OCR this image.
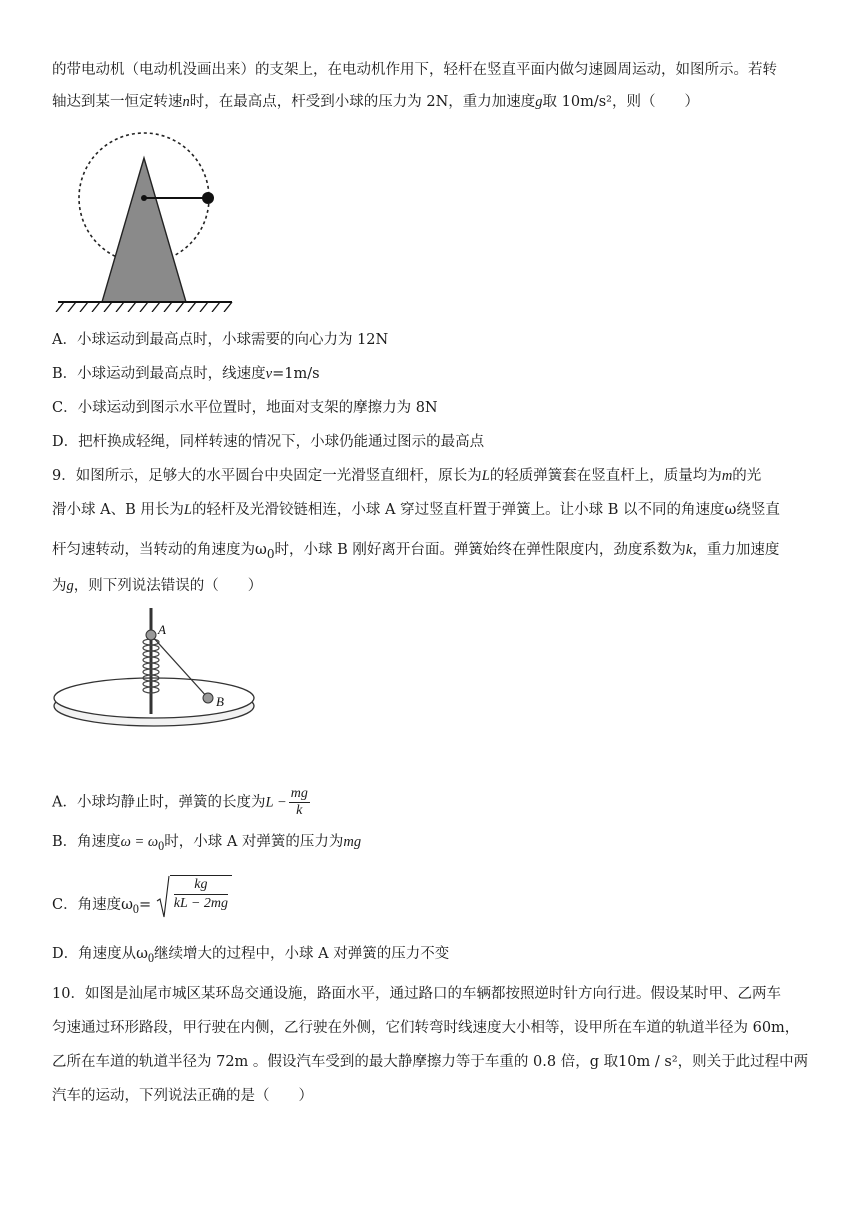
的带电动机（电动机没画出来）的支架上，在电动机作用下，轻杆在竖直平面内做匀速圆周运动，如图所示。若转
轴达到某一恒定转速n时，在最高点，杆受到小球的压力为 2N，重力加速度g取 10m/s²，则（　　）
A．小球运动到最高点时，小球需要的向心力为 12N
B．小球运动到最高点时，线速度v=1m/s
C．小球运动到图示水平位置时，地面对支架的摩擦力为 8N
D．把杆换成轻绳，同样转速的情况下，小球仍能通过图示的最高点
9．如图所示，足够大的水平圆台中央固定一光滑竖直细杆，原长为L的轻质弹簧套在竖直杆上，质量均为m的光
滑小球 A、B 用长为L的轻杆及光滑铰链相连，小球 A 穿过竖直杆置于弹簧上。让小球 B 以不同的角速度ω绕竖直
杆匀速转动，当转动的角速度为$\omega_0$时，小球 B 刚好离开台面。弹簧始终在弹性限度内，劲度系数为k，重力加速度
为g，则下列说法错误的（　　）
A
B
A．小球均静止时，弹簧的长度为$L - \frac{mg}{k}$
B．角速度$\omega = \omega_0$时，小球 A 对弹簧的压力为mg
C．角速度$\omega_0= \frac{kg}{kL - 2mg}$
D．角速度从$\omega_0$继续增大的过程中，小球 A 对弹簧的压力不变
10．如图是汕尾市城区某环岛交通设施，路面水平，通过路口的车辆都按照逆时针方向行进。假设某时甲、乙两车
匀速通过环形路段，甲行驶在内侧，乙行驶在外侧，它们转弯时线速度大小相等，设甲所在车道的轨道半径为 60m，
乙所在车道的轨道半径为 72m 。假设汽车受到的最大静摩擦力等于车重的 0.8 倍，g 取10m / s²，则关于此过程中两
汽车的运动，下列说法正确的是（　　）
